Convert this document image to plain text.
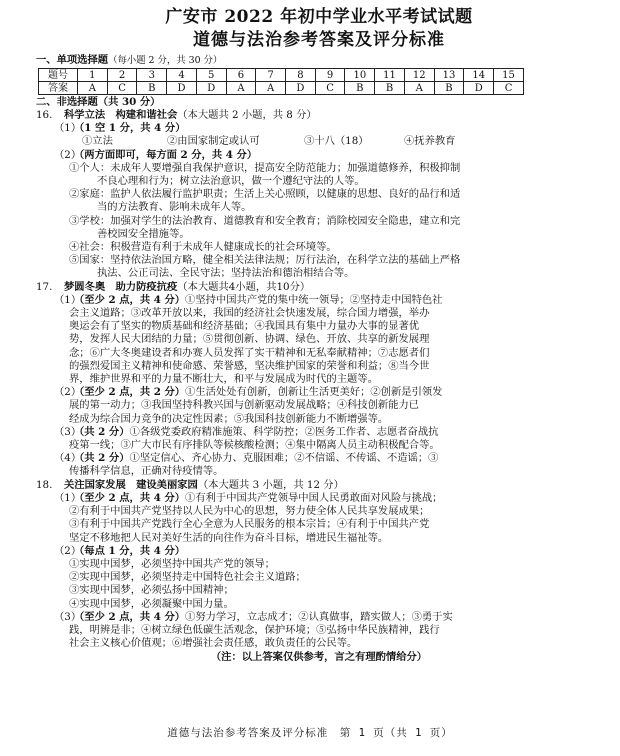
广安市 2022 年初中学业水平考试试题
道德与法治参考答案及评分标准
一、单项选择题（每小题 2 分，共 30 分）
题号	1	2	3	4	5	6	7	8	9	10	11	12	13	14	15
答案	A	C	B	D	D	A	A	D	C	B	B	A	B	D	C
二、非选择题（共 30 分）
16. 科学立法　构建和谐社会（本大题共 2 小题，共 8 分）
（1）（1 空 1 分，共 4 分）
①立法	②由国家制定或认可	③十八（18）	④抚养教育
（2）（两方面即可，每方面 2 分，共 4 分）
①个人：未成年人要增强自我保护意识，提高安全防范能力；加强道德修养，积极抑制
不良心理和行为；树立法治意识，做一个遵纪守法的人等。
②家庭：监护人依法履行监护职责；生活上关心照顾，以健康的思想、良好的品行和适
当的方法教育、影响未成年人等。
③学校：加强对学生的法治教育、道德教育和安全教育；消除校园安全隐患，建立和完
善校园安全措施等。
④社会：积极营造有利于未成年人健康成长的社会环境等。
⑤国家：坚持依法治国方略，健全相关法律法规；厉行法治，在科学立法的基础上严格
执法、公正司法、全民守法；坚持法治和德治相结合等。
17. 梦圆冬奥　助力防疫抗疫（本大题共4小题，共10分）
（1）（至少 2 点，共 4 分）①坚持中国共产党的集中统一领导；②坚持走中国特色社
会主义道路；③改革开放以来，我国的经济社会快速发展，综合国力增强，举办
奥运会有了坚实的物质基础和经济基础；④我国具有集中力量办大事的显著优
势，发挥人民大团结的力量；⑤贯彻创新、协调、绿色、开放、共享的新发展理
念；⑥广大冬奥建设者和办赛人员发挥了实干精神和无私奉献精神；⑦志愿者们
的强烈爱国主义精神和使命感、荣誉感，坚决维护国家的荣誉和利益；⑧当今世
界，维护世界和平的力量不断壮大，和平与发展成为时代的主题等。
（2）（至少 2 点，共 2 分）①生活处处有创新，创新让生活更美好；②创新是引领发
展的第一动力；③我国坚持科教兴国与创新驱动发展战略；④科技创新能力已
经成为综合国力竞争的决定性因素；⑤我国科技创新能力不断增强等。
（3）（共 2 分）①各级党委政府精准施策、科学防控；②医务工作者、志愿者奋战抗
疫第一线；③广大市民有序排队等候核酸检测；④集中隔离人员主动积极配合等。
（4）（共 2 分）①坚定信心、齐心协力、克服困难；②不信谣、不传谣、不造谣；③
传播科学信息，正确对待疫情等。
18. 关注国家发展　建设美丽家园（本大题共 3 小题，共 12 分）
（1）（至少 2 点，共 4 分）①有利于中国共产党领导中国人民勇敢面对风险与挑战；
②有利于中国共产党坚持以人民为中心的思想，努力使全体人民共享发展成果；
③有利于中国共产党践行全心全意为人民服务的根本宗旨；④有利于中国共产党
坚定不移地把人民对美好生活的向往作为奋斗目标，增进民生福祉等。
（2）（每点 1 分，共 4 分）
①实现中国梦，必须坚持中国共产党的领导；
②实现中国梦，必须坚持走中国特色社会主义道路；
③实现中国梦，必须弘扬中国精神；
④实现中国梦，必须凝聚中国力量。
（3）（至少 2 点，共 4 分）①努力学习，立志成才；②认真做事，踏实做人；③勇于实
践，明辨是非；④树立绿色低碳生活观念，保护环境；⑤弘扬中华民族精神，践行
社会主义核心价值观；⑥增强社会责任感，敢负责任的公民等。
（注：以上答案仅供参考，言之有理酌情给分）
道德与法治参考答案及评分标准　第 1 页（共 1 页）
